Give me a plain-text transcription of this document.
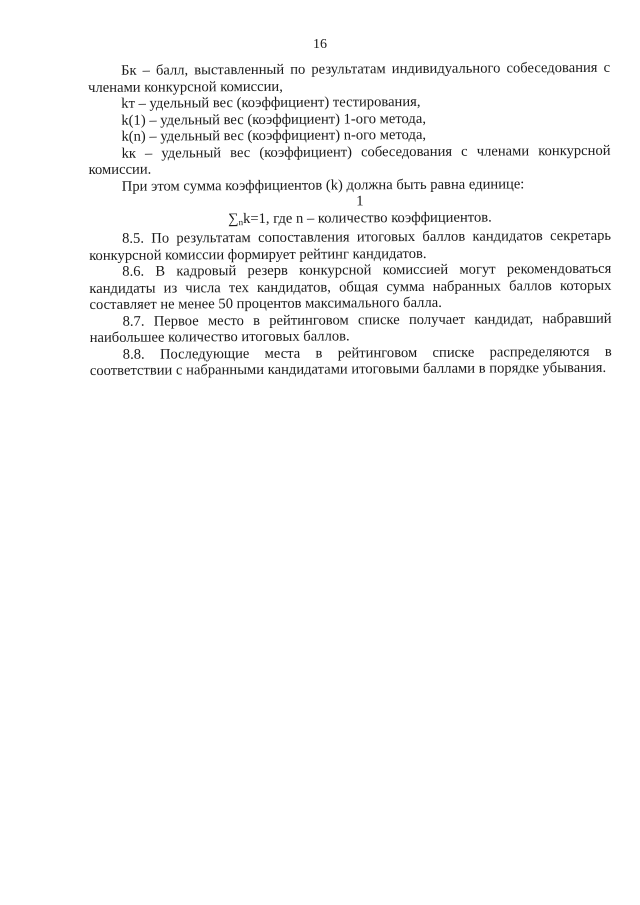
16

Бк – балл, выставленный по результатам индивидуального собеседования с членами конкурсной комиссии,

kт – удельный вес (коэффициент) тестирования,

k(1) – удельный вес (коэффициент) 1-ого метода,

k(n) – удельный вес (коэффициент) n-ого метода,

kк – удельный вес (коэффициент) собеседования с членами конкурсной комиссии.

При этом сумма коэффициентов (k) должна быть равна единице:

1
∑nk=1, где n – количество коэффициентов.

8.5. По результатам сопоставления итоговых баллов кандидатов секретарь конкурсной комиссии формирует рейтинг кандидатов.

8.6. В кадровый резерв конкурсной комиссией могут рекомендоваться кандидаты из числа тех кандидатов, общая сумма набранных баллов которых составляет не менее 50 процентов максимального балла.

8.7. Первое место в рейтинговом списке получает кандидат, набравший наибольшее количество итоговых баллов.

8.8. Последующие места в рейтинговом списке распределяются в соответствии с набранными кандидатами итоговыми баллами в порядке убывания.
